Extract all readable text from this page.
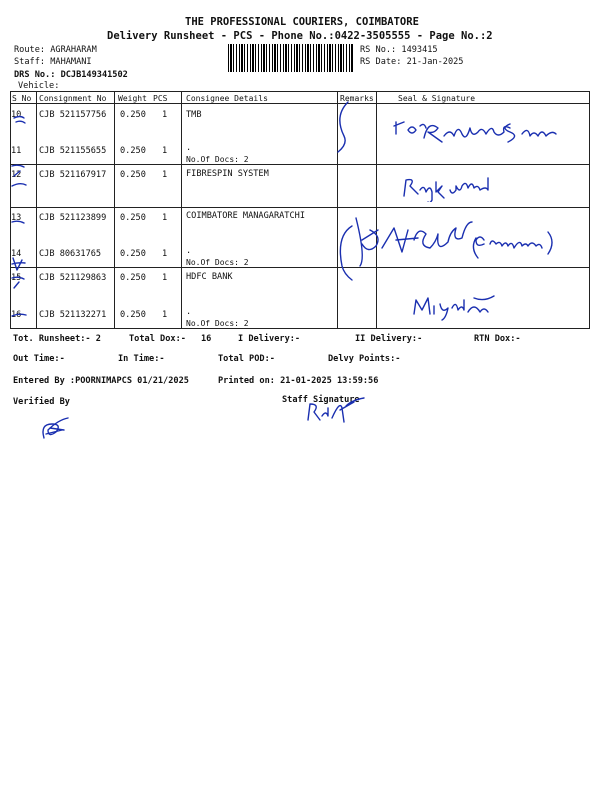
THE PROFESSIONAL COURIERS, COIMBATORE
Delivery Runsheet - PCS - Phone No.:0422-3505555 - Page No.:2
Route: AGRAHARAM
Staff: MAHAMANI
DRS No.: DCJB149341502
Vehicle:
RS No.: 1493415
RS Date: 21-Jan-2025
S No Consignment No Weight PCS Consignee Details	Remarks	Seal & Signature
10 CJB 521157756 0.250 1 TMB
11 CJB 521155655 0.250 1 .
No.Of Docs: 2
12 CJB 521167917 0.250 1 FIBRESPIN SYSTEM
13 CJB 521123899 0.250 1 COIMBATORE MANAGARATCHI
14 CJB 80631765 0.250 1 .
No.Of Docs: 2
15 CJB 521129863 0.250 1 HDFC BANK
16 CJB 521132271 0.250 1 .
No.Of Docs: 2
Tot. Runsheet:- 2	Total Dox:- 16	I Delivery:-	II Delivery:-	RTN Dox:-
Out Time:-	In Time:-	Total POD:-	Delvy Points:-
Entered By :POORNIMAPCS 01/21/2025	Printed on: 21-01-2025 13:59:56
Verified By	Staff Signature
